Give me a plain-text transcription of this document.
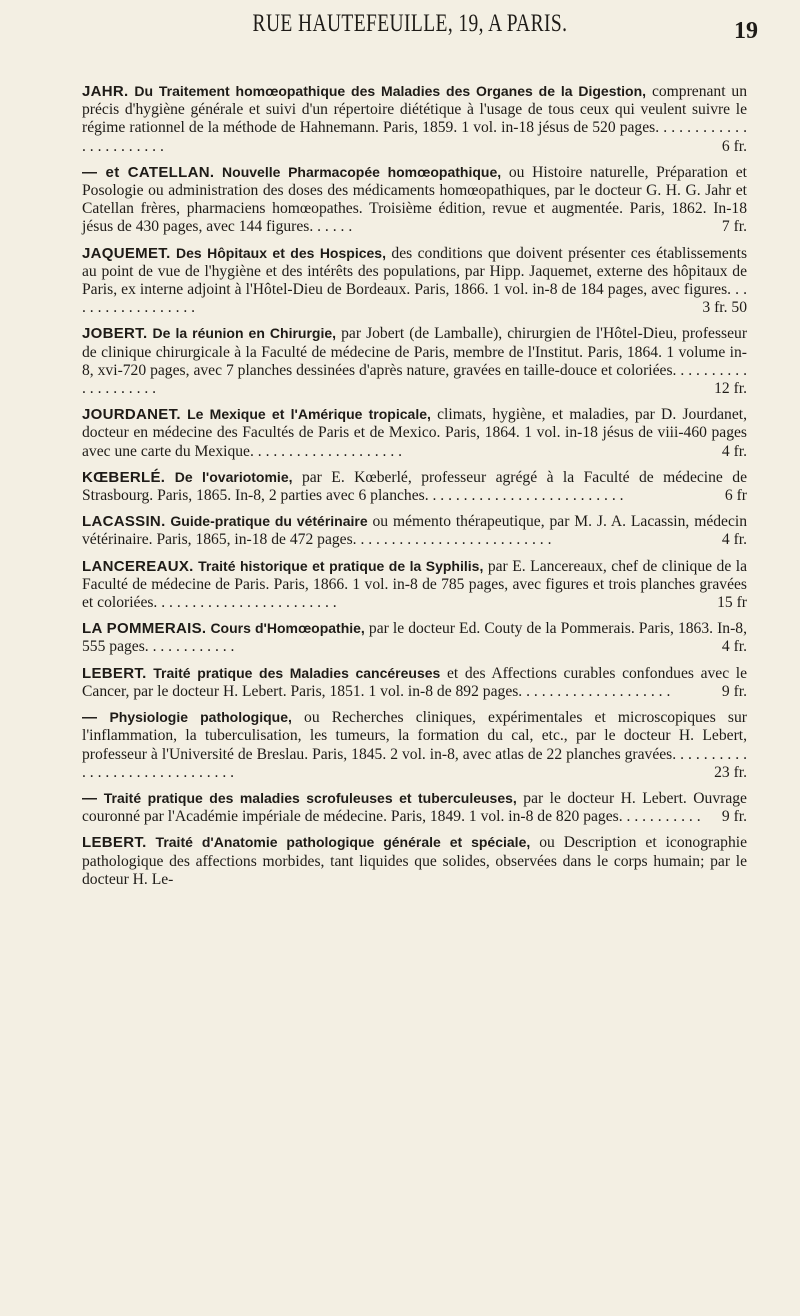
RUE HAUTEFEUILLE, 19, A PARIS.	19

JAHR. Du Traitement homœopathique des Maladies des Organes de la Digestion, comprenant un précis d'hygiène générale et suivi d'un répertoire diététique à l'usage de tous ceux qui veulent suivre le régime rationnel de la méthode de Hahnemann. Paris, 1859. 1 vol. in-18 jésus de 520 pages. . . . . . . . . . . . . . . . . . . . . . .	6 fr.

— et CATELLAN. Nouvelle Pharmacopée homœopathique, ou Histoire naturelle, Préparation et Posologie ou administration des doses des médicaments homœopathiques, par le docteur G. H. G. Jahr et Catellan frères, pharmaciens homœopathes. Troisième édition, revue et augmentée. Paris, 1862. In-18 jésus de 430 pages, avec 144 figures. . . . . .	7 fr.

JAQUEMET. Des Hôpitaux et des Hospices, des conditions que doivent présenter ces établissements au point de vue de l'hygiène et des intérêts des populations, par Hipp. Jaquemet, externe des hôpitaux de Paris, ex interne adjoint à l'Hôtel-Dieu de Bordeaux. Paris, 1866. 1 vol. in-8 de 184 pages, avec figures. . . . . . . . . . . . . . . . . .	3 fr. 50

JOBERT. De la réunion en Chirurgie, par Jobert (de Lamballe), chirurgien de l'Hôtel-Dieu, professeur de clinique chirurgicale à la Faculté de médecine de Paris, membre de l'Institut. Paris, 1864. 1 volume in-8, xvi-720 pages, avec 7 planches dessinées d'après nature, gravées en taille-douce et coloriées. . . . . . . . . . . . . . . . . . . .	12 fr.

JOURDANET. Le Mexique et l'Amérique tropicale, climats, hygiène, et maladies, par D. Jourdanet, docteur en médecine des Facultés de Paris et de Mexico. Paris, 1864. 1 vol. in-18 jésus de viii-460 pages avec une carte du Mexique. . . . . . . . . . . . . . . . . . . .	4 fr.

KŒBERLÉ. De l'ovariotomie, par E. Kœberlé, professeur agrégé à la Faculté de médecine de Strasbourg. Paris, 1865. In-8, 2 parties avec 6 planches. . . . . . . . . . . . . . . . . . . . . . . . . .	6 fr

LACASSIN. Guide-pratique du vétérinaire ou mémento thérapeutique, par M. J. A. Lacassin, médecin vétérinaire. Paris, 1865, in-18 de 472 pages. . . . . . . . . . . . . . . . . . . . . . . . . .	4 fr.

LANCEREAUX. Traité historique et pratique de la Syphilis, par E. Lancereaux, chef de clinique de la Faculté de médecine de Paris. Paris, 1866. 1 vol. in-8 de 785 pages, avec figures et trois planches gravées et coloriées. . . . . . . . . . . . . . . . . . . . . . . .	15 fr

LA POMMERAIS. Cours d'Homœopathie, par le docteur Ed. Couty de la Pommerais. Paris, 1863. In-8, 555 pages. . . . . . . . . . . .	4 fr.

LEBERT. Traité pratique des Maladies cancéreuses et des Affections curables confondues avec le Cancer, par le docteur H. Lebert. Paris, 1851. 1 vol. in-8 de 892 pages. . . . . . . . . . . . . . . . . . . .	9 fr.

— Physiologie pathologique, ou Recherches cliniques, expérimentales et microscopiques sur l'inflammation, la tuberculisation, les tumeurs, la formation du cal, etc., par le docteur H. Lebert, professeur à l'Université de Breslau. Paris, 1845. 2 vol. in-8, avec atlas de 22 planches gravées. . . . . . . . . . . . . . . . . . . . . . . . . . . . . .	23 fr.

— Traité pratique des maladies scrofuleuses et tuberculeuses, par le docteur H. Lebert. Ouvrage couronné par l'Académie impériale de médecine. Paris, 1849. 1 vol. in-8 de 820 pages. . . . . . . . . . . 9 fr.

LEBERT. Traité d'Anatomie pathologique générale et spéciale, ou Description et iconographie pathologique des affections morbides, tant liquides que solides, observées dans le corps humain; par le docteur H. Le-
